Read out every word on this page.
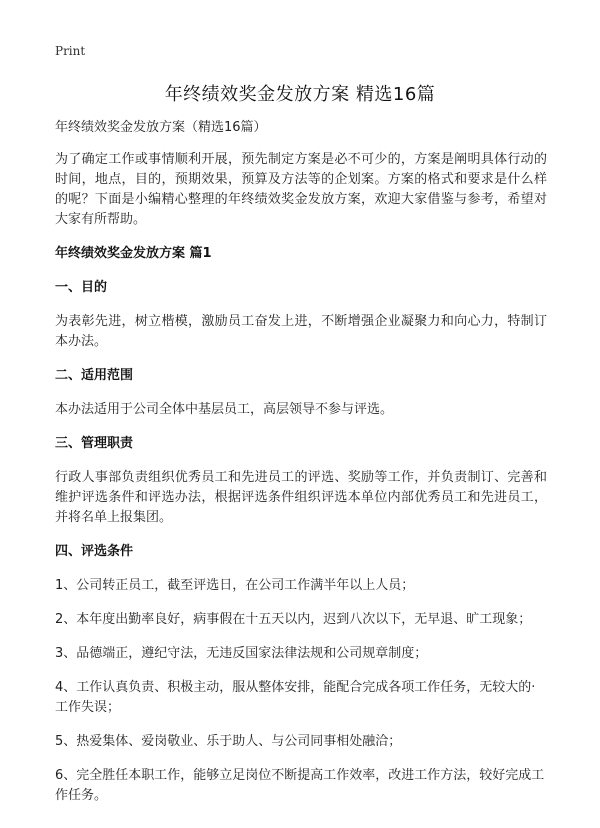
Print
年终绩效奖金发放方案 精选16篇

年终绩效奖金发放方案（精选16篇）

为了确定工作或事情顺利开展，预先制定方案是必不可少的，方案是阐明具体行动的时间，地点，目的，预期效果，预算及方法等的企划案。方案的格式和要求是什么样的呢？下面是小编精心整理的年终绩效奖金发放方案，欢迎大家借鉴与参考，希望对大家有所帮助。

年终绩效奖金发放方案 篇1

一、目的

为表彰先进，树立楷模，激励员工奋发上进，不断增强企业凝聚力和向心力，特制订本办法。

二、适用范围

本办法适用于公司全体中基层员工，高层领导不参与评选。

三、管理职责

行政人事部负责组织优秀员工和先进员工的评选、奖励等工作，并负责制订、完善和维护评选条件和评选办法，根据评选条件组织评选本单位内部优秀员工和先进员工，并将名单上报集团。

四、评选条件

1、公司转正员工，截至评选日，在公司工作满半年以上人员；

2、本年度出勤率良好，病事假在十五天以内，迟到八次以下，无早退、旷工现象；

3、品德端正，遵纪守法，无违反国家法律法规和公司规章制度；

4、工作认真负责、积极主动，服从整体安排，能配合完成各项工作任务，无较大的·工作失误；

5、热爱集体、爱岗敬业、乐于助人、与公司同事相处融洽；

6、完全胜任本职工作，能够立足岗位不断提高工作效率，改进工作方法，较好完成工作任务。
